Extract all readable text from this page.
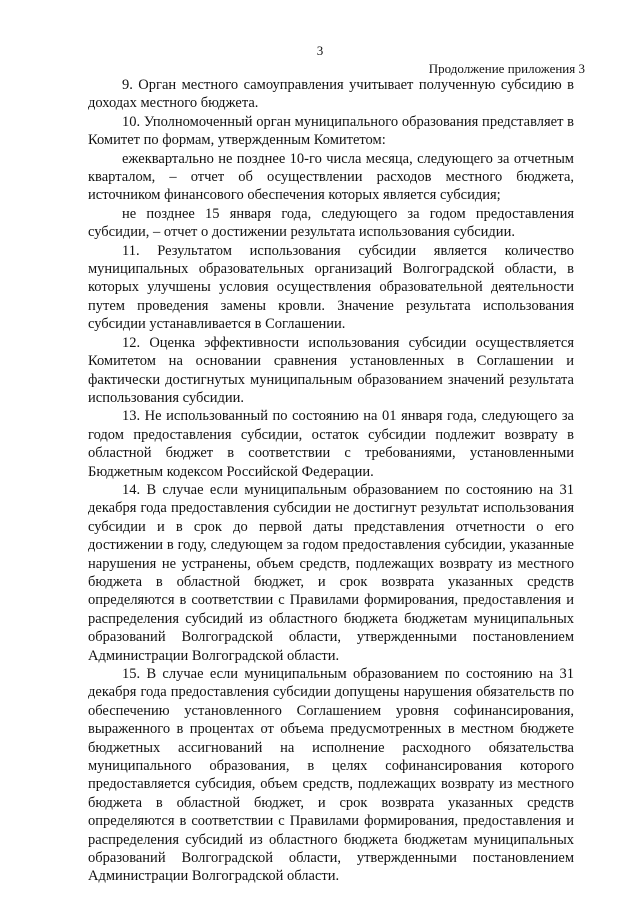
3
Продолжение приложения 3

9. Орган местного самоуправления учитывает полученную субсидию в доходах местного бюджета.

10. Уполномоченный орган муниципального образования представляет в Комитет по формам, утвержденным Комитетом:

ежеквартально не позднее 10-го числа месяца, следующего за отчетным кварталом, – отчет об осуществлении расходов местного бюджета, источником финансового обеспечения которых является субсидия;

не позднее 15 января года, следующего за годом предоставления субсидии, – отчет о достижении результата использования субсидии.

11. Результатом использования субсидии является количество муниципальных образовательных организаций Волгоградской области, в которых улучшены условия осуществления образовательной деятельности путем проведения замены кровли. Значение результата использования субсидии устанавливается в Соглашении.

12. Оценка эффективности использования субсидии осуществляется Комитетом на основании сравнения установленных в Соглашении и фактически достигнутых муниципальным образованием значений результата использования субсидии.

13. Не использованный по состоянию на 01 января года, следующего за годом предоставления субсидии, остаток субсидии подлежит возврату в областной бюджет в соответствии с требованиями, установленными Бюджетным кодексом Российской Федерации.

14. В случае если муниципальным образованием по состоянию на 31 декабря года предоставления субсидии не достигнут результат использования субсидии и в срок до первой даты представления отчетности о его достижении в году, следующем за годом предоставления субсидии, указанные нарушения не устранены, объем средств, подлежащих возврату из местного бюджета в областной бюджет, и срок возврата указанных средств определяются в соответствии с Правилами формирования, предоставления и распределения субсидий из областного бюджета бюджетам муниципальных образований Волгоградской области, утвержденными постановлением Администрации Волгоградской области.

15. В случае если муниципальным образованием по состоянию на 31 декабря года предоставления субсидии допущены нарушения обязательств по обеспечению установленного Соглашением уровня софинансирования, выраженного в процентах от объема предусмотренных в местном бюджете бюджетных ассигнований на исполнение расходного обязательства муниципального образования, в целях софинансирования которого предоставляется субсидия, объем средств, подлежащих возврату из местного бюджета в областной бюджет, и срок возврата указанных средств определяются в соответствии с Правилами формирования, предоставления и распределения субсидий из областного бюджета бюджетам муниципальных образований Волгоградской области, утвержденными постановлением Администрации Волгоградской области.
